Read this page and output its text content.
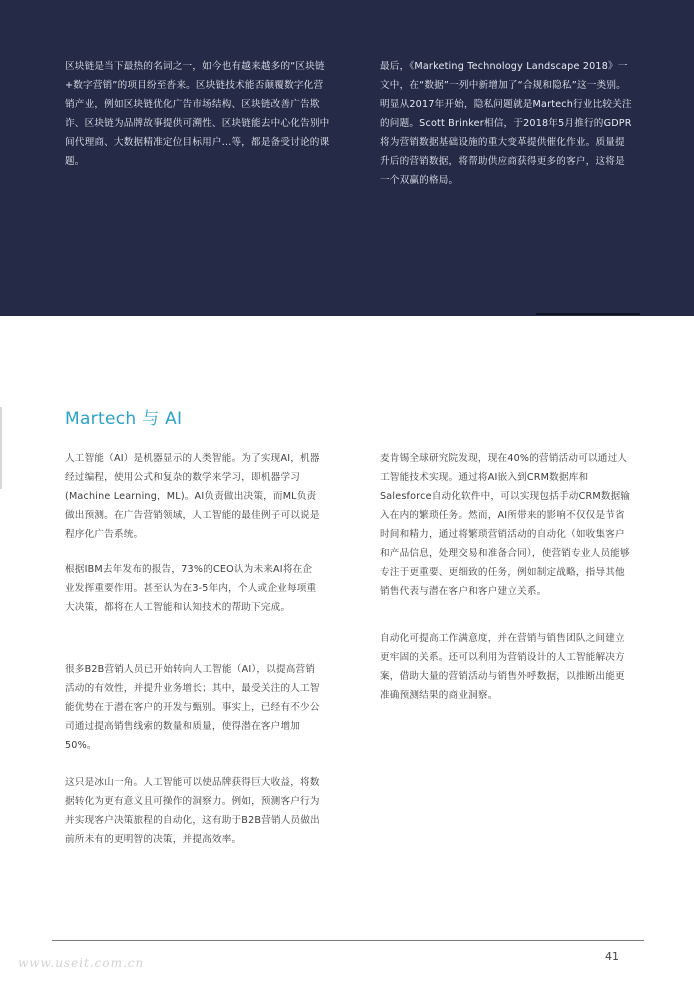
区块链是当下最热的名词之一，如今也有越来越多的“区块链+数字营销”的项目纷至沓来。区块链技术能否颠覆数字化营销产业，例如区块链优化广告市场结构、区块链改善广告欺诈、区块链为品牌故事提供可溯性、区块链能去中心化告别中间代理商、大数据精准定位目标用户...等，都是备受讨论的课题。

最后，《Marketing Technology Landscape 2018》一文中，在“数据”一列中新增加了“合规和隐私”这一类别。明显从2017年开始，隐私问题就是Martech行业比较关注的问题。Scott Brinker相信，于2018年5月推行的GDPR将为营销数据基础设施的重大变革提供催化作业。质量提升后的营销数据，将帮助供应商获得更多的客户，这将是一个双赢的格局。

Martech 与 AI

人工智能（AI）是机器显示的人类智能。为了实现AI，机器经过编程，使用公式和复杂的数学来学习，即机器学习(Machine Learning，ML)。AI负责做出决策，而ML负责做出预测。在广告营销领域，人工智能的最佳例子可以说是程序化广告系统。

根据IBM去年发布的报告，73%的CEO认为未来AI将在企业发挥重要作用。甚至认为在3-5年内，个人或企业每项重大决策，都将在人工智能和认知技术的帮助下完成。

很多B2B营销人员已开始转向人工智能（AI），以提高营销活动的有效性，并提升业务增长；其中，最受关注的人工智能优势在于潜在客户的开发与甄别。事实上，已经有不少公司通过提高销售线索的数量和质量，使得潜在客户增加50%。

这只是冰山一角。人工智能可以使品牌获得巨大收益，将数据转化为更有意义且可操作的洞察力。例如，预测客户行为并实现客户决策旅程的自动化，这有助于B2B营销人员做出前所未有的更明智的决策，并提高效率。

麦肯锡全球研究院发现，现在40%的营销活动可以通过人工智能技术实现。通过将AI嵌入到CRM数据库和Salesforce自动化软件中，可以实现包括手动CRM数据输入在内的繁琐任务。然而，AI所带来的影响不仅仅是节省时间和精力，通过将繁琐营销活动的自动化（如收集客户和产品信息，处理交易和准备合同），使营销专业人员能够专注于更重要、更细致的任务，例如制定战略，指导其他销售代表与潜在客户和客户建立关系。

自动化可提高工作满意度，并在营销与销售团队之间建立更牢固的关系。还可以利用为营销设计的人工智能解决方案，借助大量的营销活动与销售外呼数据，以推断出能更准确预测结果的商业洞察。

41
www.useit.com.cn
